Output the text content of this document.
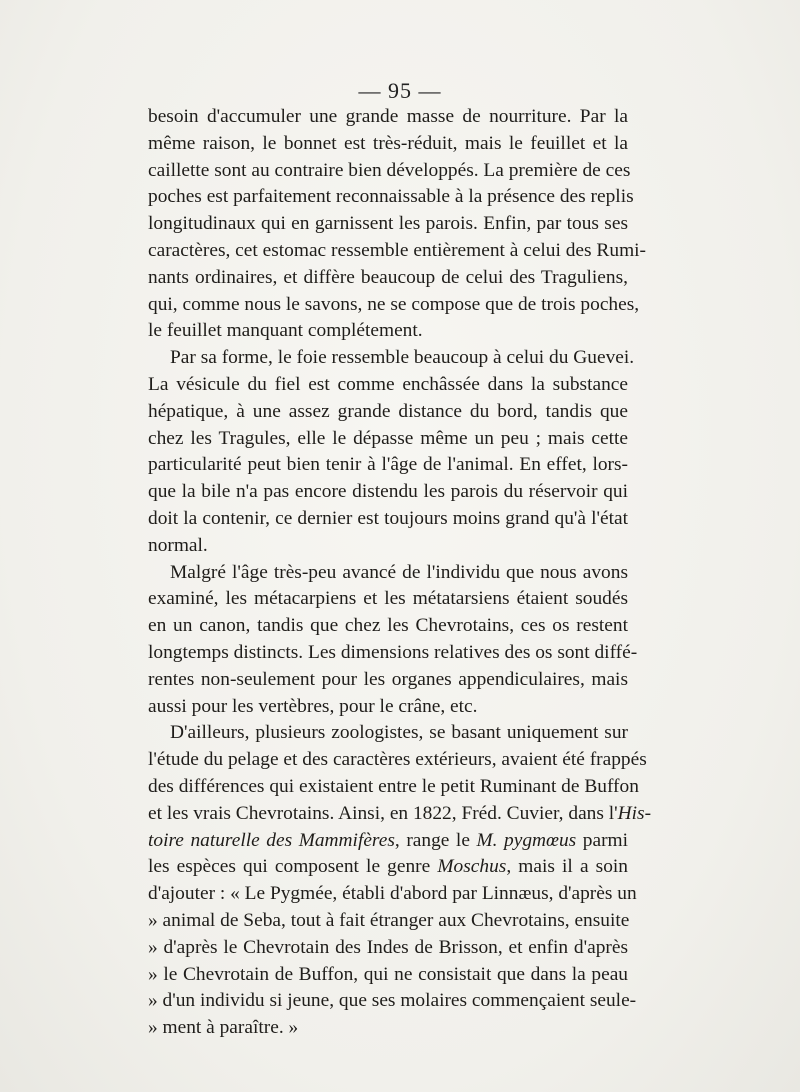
— 95 —
besoin d'accumuler une grande masse de nourriture. Par la
même raison, le bonnet est très-réduit, mais le feuillet et la
caillette sont au contraire bien développés. La première de ces
poches est parfaitement reconnaissable à la présence des replis
longitudinaux qui en garnissent les parois. Enfin, par tous ses
caractères, cet estomac ressemble entièrement à celui des Rumi-
nants ordinaires, et diffère beaucoup de celui des Traguliens,
qui, comme nous le savons, ne se compose que de trois poches,
le feuillet manquant complétement.
Par sa forme, le foie ressemble beaucoup à celui du Guevei.
La vésicule du fiel est comme enchâssée dans la substance
hépatique, à une assez grande distance du bord, tandis que
chez les Tragules, elle le dépasse même un peu ; mais cette
particularité peut bien tenir à l'âge de l'animal. En effet, lors-
que la bile n'a pas encore distendu les parois du réservoir qui
doit la contenir, ce dernier est toujours moins grand qu'à l'état
normal.
Malgré l'âge très-peu avancé de l'individu que nous avons
examiné, les métacarpiens et les métatarsiens étaient soudés
en un canon, tandis que chez les Chevrotains, ces os restent
longtemps distincts. Les dimensions relatives des os sont diffé-
rentes non-seulement pour les organes appendiculaires, mais
aussi pour les vertèbres, pour le crâne, etc.
D'ailleurs, plusieurs zoologistes, se basant uniquement sur
l'étude du pelage et des caractères extérieurs, avaient été frappés
des différences qui existaient entre le petit Ruminant de Buffon
et les vrais Chevrotains. Ainsi, en 1822, Fréd. Cuvier, dans l'His-
toire naturelle des Mammifères, range le M. pygmœus parmi
les espèces qui composent le genre Moschus, mais il a soin
d'ajouter : « Le Pygmée, établi d'abord par Linnæus, d'après un
» animal de Seba, tout à fait étranger aux Chevrotains, ensuite
» d'après le Chevrotain des Indes de Brisson, et enfin d'après
» le Chevrotain de Buffon, qui ne consistait que dans la peau
» d'un individu si jeune, que ses molaires commençaient seule-
» ment à paraître. »
